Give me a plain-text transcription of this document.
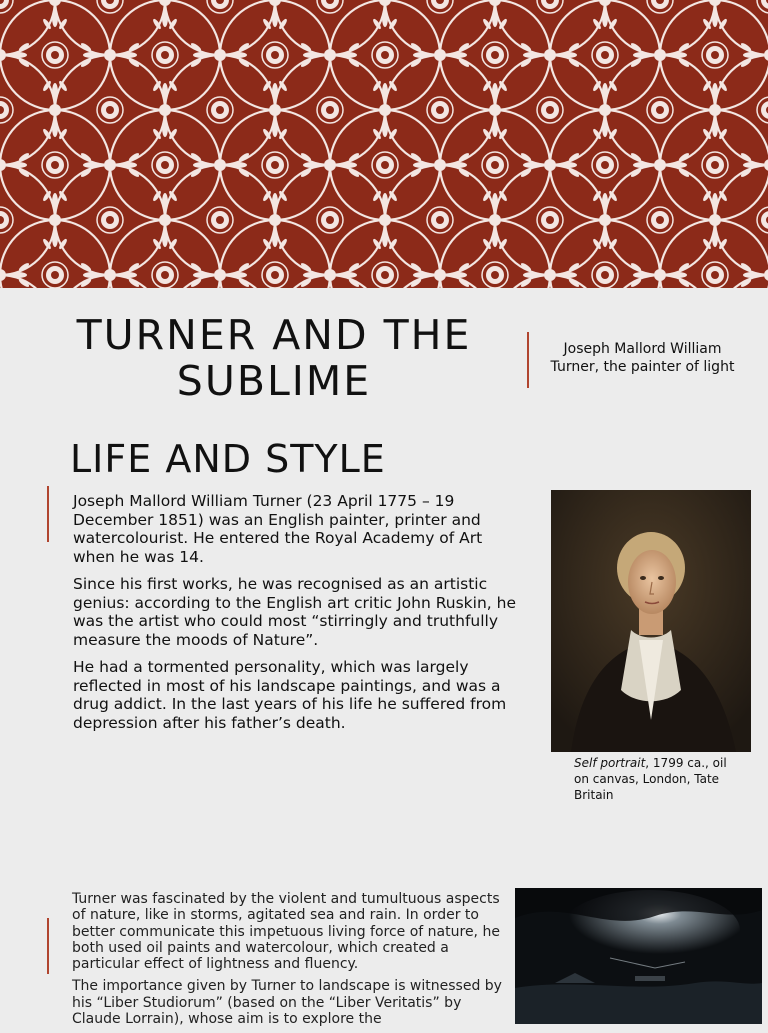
TURNER AND THE SUBLIME

Joseph Mallord William Turner, the painter of light

LIFE AND STYLE

Joseph Mallord William Turner (23 April 1775 – 19 December 1851) was an English painter, printer and watercolourist. He entered the Royal Academy of Art when he was 14.

Since his first works, he was recognised as an artistic genius: according to the English art critic John Ruskin, he was the artist who could most “stirringly and truthfully measure the moods of Nature”.

He had a tormented personality, which was largely reflected in most of his landscape paintings, and was a drug addict. In the last years of his life he suffered from depression after his father’s death.

Self portrait, 1799 ca., oil on canvas, London, Tate Britain

Turner was fascinated by the violent and tumultuous aspects of nature, like in storms, agitated sea and rain. In order to better communicate this impetuous living force of nature, he both used oil paints and watercolour, which created a particular effect of lightness and fluency.

The importance given by Turner to landscape is witnessed by his “Liber Studiorum” (based on the “Liber Veritatis” by Claude Lorrain), whose aim is to explore the
